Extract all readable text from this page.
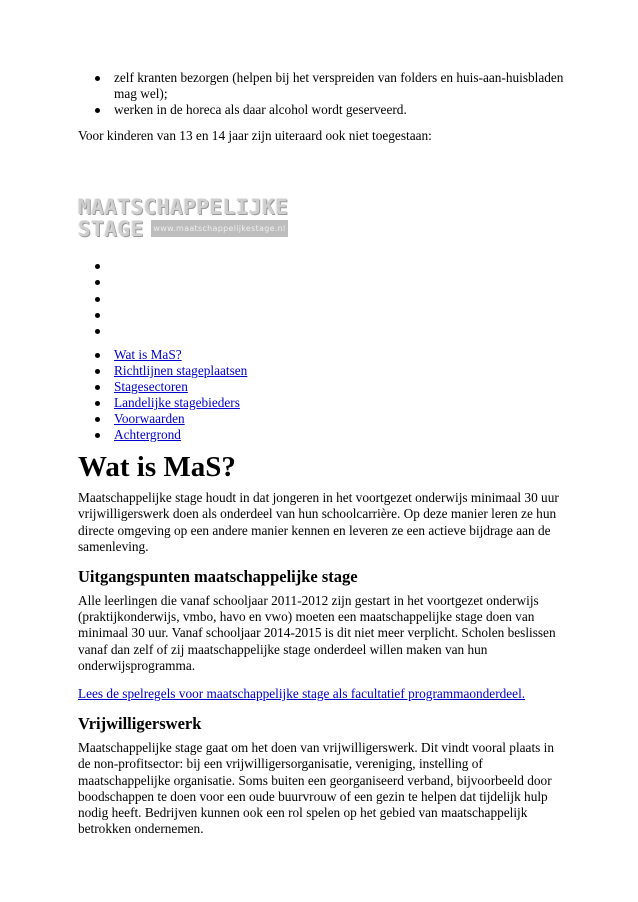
zelf kranten bezorgen (helpen bij het verspreiden van folders en huis-aan-huisbladen mag wel);
werken in de horeca als daar alcohol wordt geserveerd.

Voor kinderen van 13 en 14 jaar zijn uiteraard ook niet toegestaan:

MAATSCHAPPELIJKE
STAGE	www.maatschappelijkestage.nl
Wat is MaS?
Richtlijnen stageplaatsen
Stagesectoren
Landelijke stagebieders
Voorwaarden
Achtergrond
Wat is MaS?

Maatschappelijke stage houdt in dat jongeren in het voortgezet onderwijs minimaal 30 uur vrijwilligerswerk doen als onderdeel van hun schoolcarrière. Op deze manier leren ze hun directe omgeving op een andere manier kennen en leveren ze een actieve bijdrage aan de samenleving.

Uitgangspunten maatschappelijke stage

Alle leerlingen die vanaf schooljaar 2011-2012 zijn gestart in het voortgezet onderwijs (praktijkonderwijs, vmbo, havo en vwo) moeten een maatschappelijke stage doen van minimaal 30 uur. Vanaf schooljaar 2014-2015 is dit niet meer verplicht. Scholen beslissen vanaf dan zelf of zij maatschappelijke stage onderdeel willen maken van hun onderwijsprogramma.

Lees de spelregels voor maatschappelijke stage als facultatief programmaonderdeel.

Vrijwilligerswerk

Maatschappelijke stage gaat om het doen van vrijwilligerswerk. Dit vindt vooral plaats in de non-profitsector: bij een vrijwilligersorganisatie, vereniging, instelling of maatschappelijke organisatie. Soms buiten een georganiseerd verband, bijvoorbeeld door boodschappen te doen voor een oude buurvrouw of een gezin te helpen dat tijdelijk hulp nodig heeft. Bedrijven kunnen ook een rol spelen op het gebied van maatschappelijk betrokken ondernemen.
